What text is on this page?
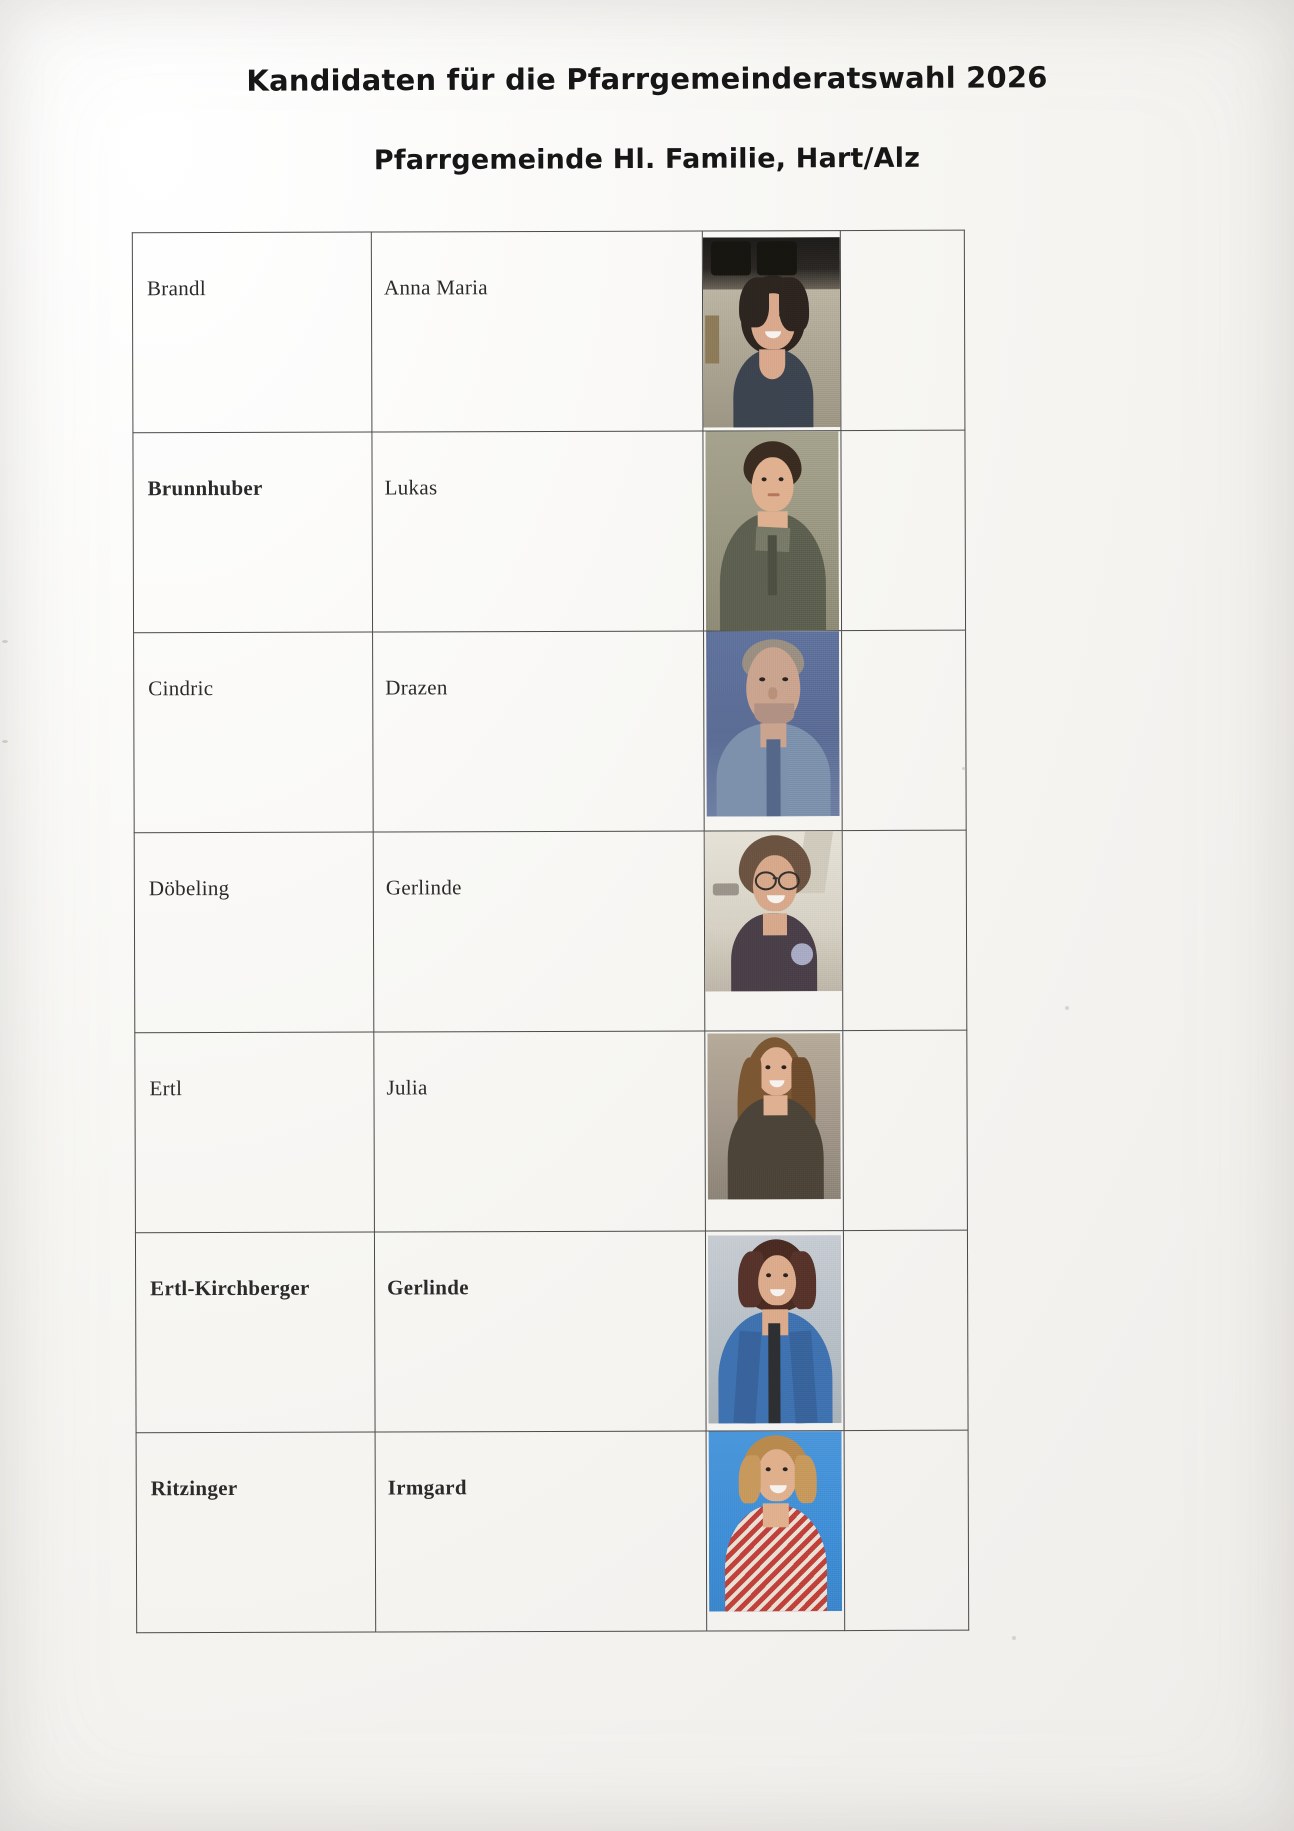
Kandidaten für die Pfarrgemeinderatswahl 2026
Pfarrgemeinde Hl. Familie, Hart/Alz
Brandl	Anna Maria		

Brunnhuber	Lukas		

Cindric	Drazen		

Döbeling	Gerlinde		

Ertl	Julia		

Ertl-Kirchberger	Gerlinde		

Ritzinger	Irmgard		
